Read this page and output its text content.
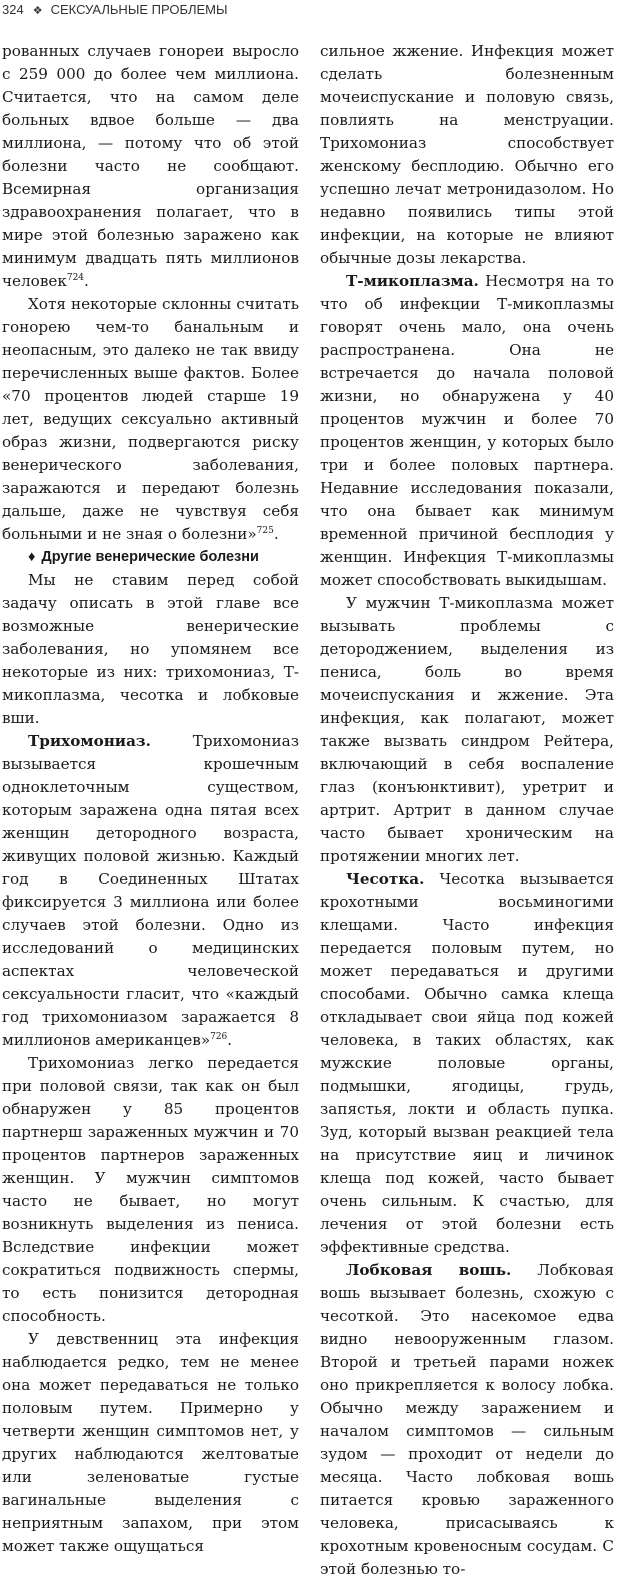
324 ❖ СЕКСУАЛЬНЫЕ ПРОБЛЕМЫ

рованных случаев гонореи выросло с 259 000 до более чем миллиона. Считается, что на самом деле больных вдвое больше — два миллиона, — потому что об этой болезни часто не сообщают. Всемирная организация здравоохранения полагает, что в мире этой болезнью заражено как минимум двадцать пять миллионов человек$^{724}$.

Хотя некоторые склонны считать гонорею чем-то банальным и неопасным, это далеко не так ввиду перечисленных выше фактов. Более «70 процентов людей старше 19 лет, ведущих сексуально активный образ жизни, подвергаются риску венерического заболевания, заражаются и передают болезнь дальше, даже не чувствуя себя больными и не зная о болезни»$^{725}$.

♦ Другие венерические болезни

Мы не ставим перед собой задачу описать в этой главе все возможные венерические заболевания, но упомянем все некоторые из них: трихомониаз, Т-микоплазма, чесотка и лобковые вши.

Трихомониаз. Трихомониаз вызывается крошечным одноклеточным существом, которым заражена одна пятая всех женщин детородного возраста, живущих половой жизнью. Каждый год в Соединенных Штатах фиксируется 3 миллиона или более случаев этой болезни. Одно из исследований о медицинских аспектах человеческой сексуальности гласит, что «каждый год трихомониазом заражается 8 миллионов американцев»$^{726}$.

Трихомониаз легко передается при половой связи, так как он был обнаружен у 85 процентов партнерш зараженных мужчин и 70 процентов партнеров зараженных женщин. У мужчин симптомов часто не бывает, но могут возникнуть выделения из пениса. Вследствие инфекции может сократиться подвижность спермы, то есть понизится детородная способность.

У девственниц эта инфекция наблюдается редко, тем не менее она может передаваться не только половым путем. Примерно у четверти женщин симптомов нет, у других наблюдаются желтоватые или зеленоватые густые вагинальные выделения с неприятным запахом, при этом может также ощущаться

сильное жжение. Инфекция может сделать болезненным мочеиспускание и половую связь, повлиять на менструации. Трихомониаз способствует женскому бесплодию. Обычно его успешно лечат метронидазолом. Но недавно появились типы этой инфекции, на которые не влияют обычные дозы лекарства.

Т-микоплазма. Несмотря на то что об инфекции Т-микоплазмы говорят очень мало, она очень распространена. Она не встречается до начала половой жизни, но обнаружена у 40 процентов мужчин и более 70 процентов женщин, у которых было три и более половых партнера. Недавние исследования показали, что она бывает как минимум временной причиной бесплодия у женщин. Инфекция Т-микоплазмы может способствовать выкидышам.

У мужчин Т-микоплазма может вызывать проблемы с детороджением, выделения из пениса, боль во время мочеиспускания и жжение. Эта инфекция, как полагают, может также вызвать синдром Рейтера, включающий в себя воспаление глаз (конъюнктивит), уретрит и артрит. Артрит в данном случае часто бывает хроническим на протяжении многих лет.

Чесотка. Чесотка вызывается крохотными восьминогими клещами. Часто инфекция передается половым путем, но может передаваться и другими способами. Обычно самка клеща откладывает свои яйца под кожей человека, в таких областях, как мужские половые органы, подмышки, ягодицы, грудь, запястья, локти и область пупка. Зуд, который вызван реакцией тела на присутствие яиц и личинок клеща под кожей, часто бывает очень сильным. К счастью, для лечения от этой болезни есть эффективные средства.

Лобковая вошь. Лобковая вошь вызывает болезнь, схожую с чесоткой. Это насекомое едва видно невооруженным глазом. Второй и третьей парами ножек оно прикрепляется к волосу лобка. Обычно между заражением и началом симптомов — сильным зудом — проходит от недели до месяца. Часто лобковая вошь питается кровью зараженного человека, присасываясь к крохотным кровеносным сосудам. С этой болезнью то-
